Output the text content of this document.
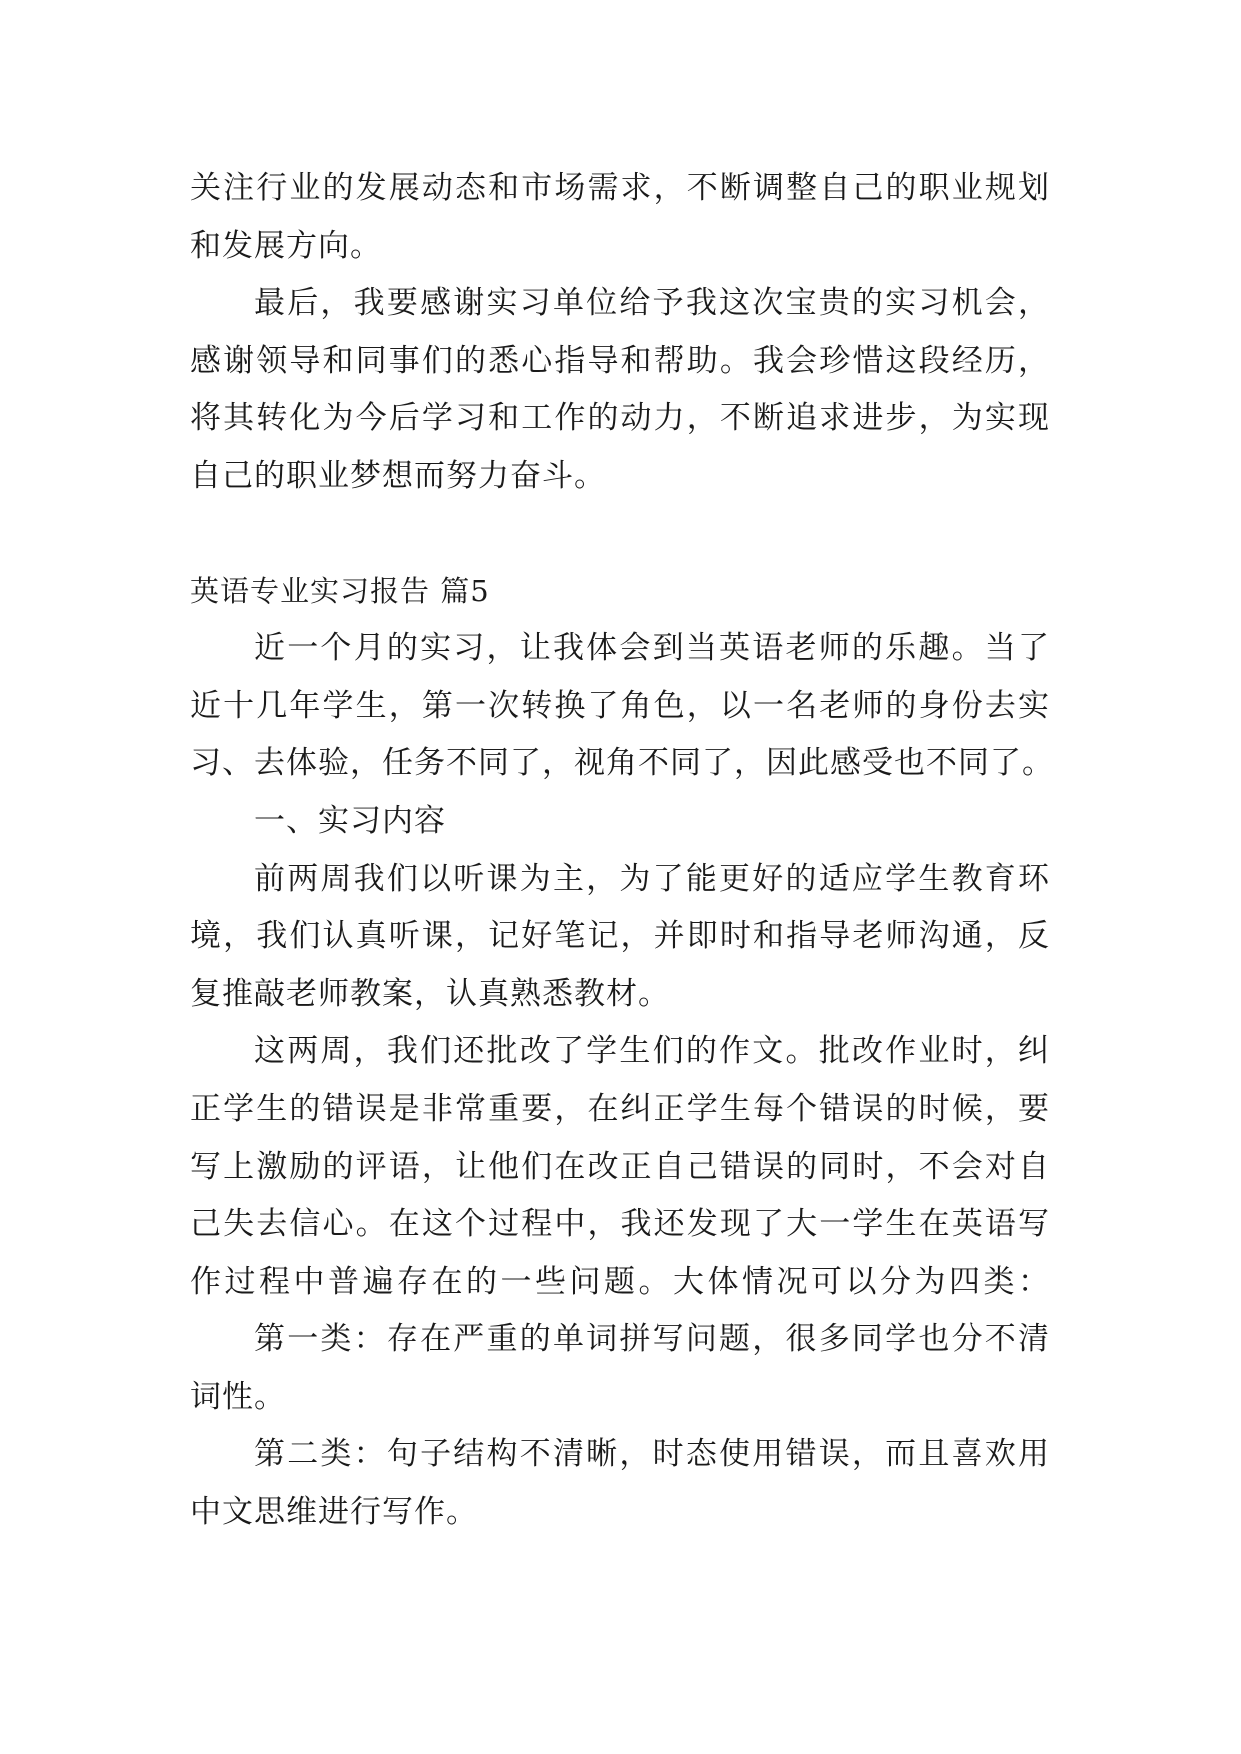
关注行业的发展动态和市场需求，不断调整自己的职业规划
和发展方向。
最后，我要感谢实习单位给予我这次宝贵的实习机会，
感谢领导和同事们的悉心指导和帮助。我会珍惜这段经历，
将其转化为今后学习和工作的动力，不断追求进步，为实现
自己的职业梦想而努力奋斗。
英语专业实习报告 篇5
近一个月的实习，让我体会到当英语老师的乐趣。当了
近十几年学生，第一次转换了角色，以一名老师的身份去实
习、去体验，任务不同了，视角不同了，因此感受也不同了。
一、实习内容
前两周我们以听课为主，为了能更好的适应学生教育环
境，我们认真听课，记好笔记，并即时和指导老师沟通，反
复推敲老师教案，认真熟悉教材。
这两周，我们还批改了学生们的作文。批改作业时，纠
正学生的错误是非常重要，在纠正学生每个错误的时候，要
写上激励的评语，让他们在改正自己错误的同时，不会对自
己失去信心。在这个过程中，我还发现了大一学生在英语写
作过程中普遍存在的一些问题。大体情况可以分为四类：
第一类：存在严重的单词拼写问题，很多同学也分不清
词性。
第二类：句子结构不清晰，时态使用错误，而且喜欢用
中文思维进行写作。
